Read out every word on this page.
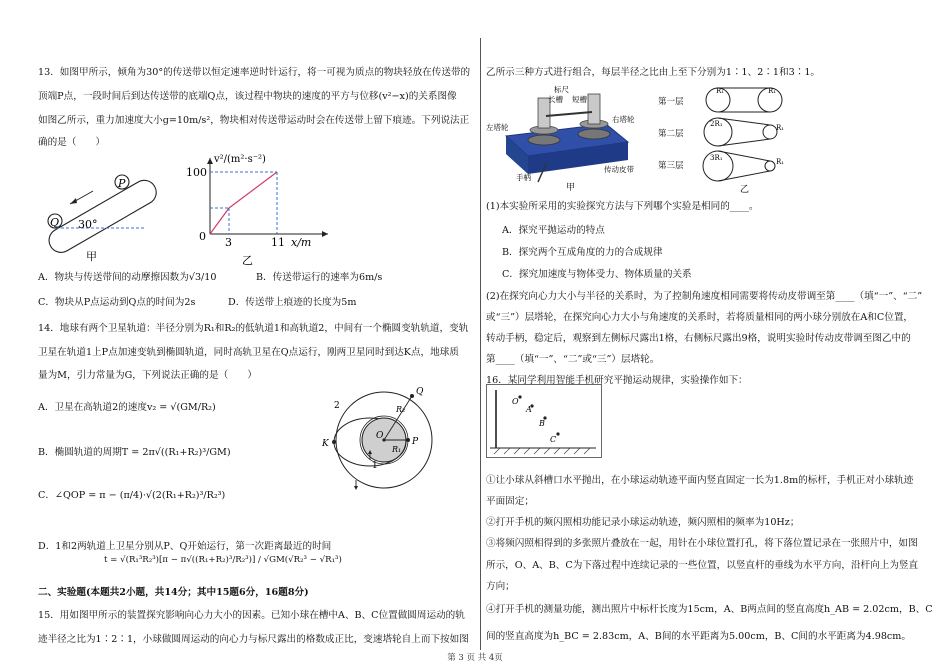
13．如图甲所示，倾角为30°的传送带以恒定速率逆时针运行，将一可视为质点的物块轻放在传送带的
顶端P点，一段时间后到达传送带的底端Q点，该过程中物块的速度的平方与位移(v²−x)的关系图像
如图乙所示，重力加速度大小g=10m/s²，物块相对传送带运动时会在传送带上留下痕迹。下列说法正
确的是（　　）
P
Q 30°
甲
v²/(m²·s⁻²)
100
0 3	11 x/m
乙
A．物块与传送带间的动摩擦因数为√3/10	B．传送带运行的速率为6m/s
C．物块从P点运动到Q点的时间为2s	D．传送带上痕迹的长度为5m
14．地球有两个卫星轨道：半径分别为R₁和R₂的低轨道1和高轨道2，中间有一个椭圆变轨轨道，变轨
卫星在轨道1上P点加速变轨到椭圆轨道，同时高轨卫星在Q点运行，刚两卫星同时到达K点，地球质
量为M，引力常量为G，下列说法正确的是（　　）
A．卫星在高轨道2的速度v₂ = √(GM/R₂)
B．椭圆轨道的周期T = 2π√((R₁+R₂)³/GM)
C．∠QOP = π − (π/4)·√(2(R₁+R₂)³/R₂³)
D．1和2两轨道上卫星分别从P、Q开始运行，第一次距离最近的时间
t = √(R₁³R₂³)[π − π√((R₁+R₂)³/R₂³)] / √GM(√R₂³ − √R₁³)
Q
R₂
2
K
O
R₁
P
1
二、实验题(本题共2小题，共14分；其中15题6分，16题8分)
15．用如图甲所示的装置探究影响向心力大小的因素。已知小球在槽中A、B、C位置做圆周运动的轨
迹半径之比为1∶2∶1，小球做圆周运动的向心力与标尺露出的格数成正比，变速塔轮自上而下按如图
乙所示三种方式进行组合，每层半径之比由上至下分别为1∶1、2∶1和3∶1。
标尺
长槽 短槽
左塔轮
右塔轮
传动皮带
手柄
甲
第一层
第二层
第三层
R₁	R₁
2R₁	R₁
3R₁	R₁
乙
(1)本实验所采用的实验探究方法与下列哪个实验是相同的____。
A．探究平抛运动的特点
B．探究两个互成角度的力的合成规律
C．探究加速度与物体受力、物体质量的关系
(2)在探究向心力大小与半径的关系时，为了控制角速度相同需要将传动皮带调至第____（填“一”、“二”
或“三”）层塔轮，在探究向心力大小与角速度的关系时，若将质量相同的两小球分别放在A和C位置，
转动手柄，稳定后，观察到左侧标尺露出1格，右侧标尺露出9格，说明实验时传动皮带调至图乙中的
第____（填“一”、“二”或“三”）层塔轮。
16．某同学利用智能手机研究平抛运动规律，实验操作如下：
O
A
B
C
①让小球从斜槽口水平抛出，在小球运动轨迹平面内竖直固定一长为1.8m的标杆，手机正对小球轨迹
平面固定；
②打开手机的频闪照相功能记录小球运动轨迹，频闪照相的频率为10Hz；
③将频闪照相得到的多张照片叠放在一起，用针在小球位置打孔，将下落位置记录在一张照片中，如图
所示，O、A、B、C为下落过程中连续记录的一些位置，以竖直杆的垂线为水平方向，沿杆向上为竖直
方向；
④打开手机的测量功能，测出照片中标杆长度为15cm，A、B两点间的竖直高度h_AB = 2.02cm，B、C
间的竖直高度为h_BC = 2.83cm，A、B间的水平距离为5.00cm，B、C间的水平距离为4.98cm。
第 3 页 共 4页
